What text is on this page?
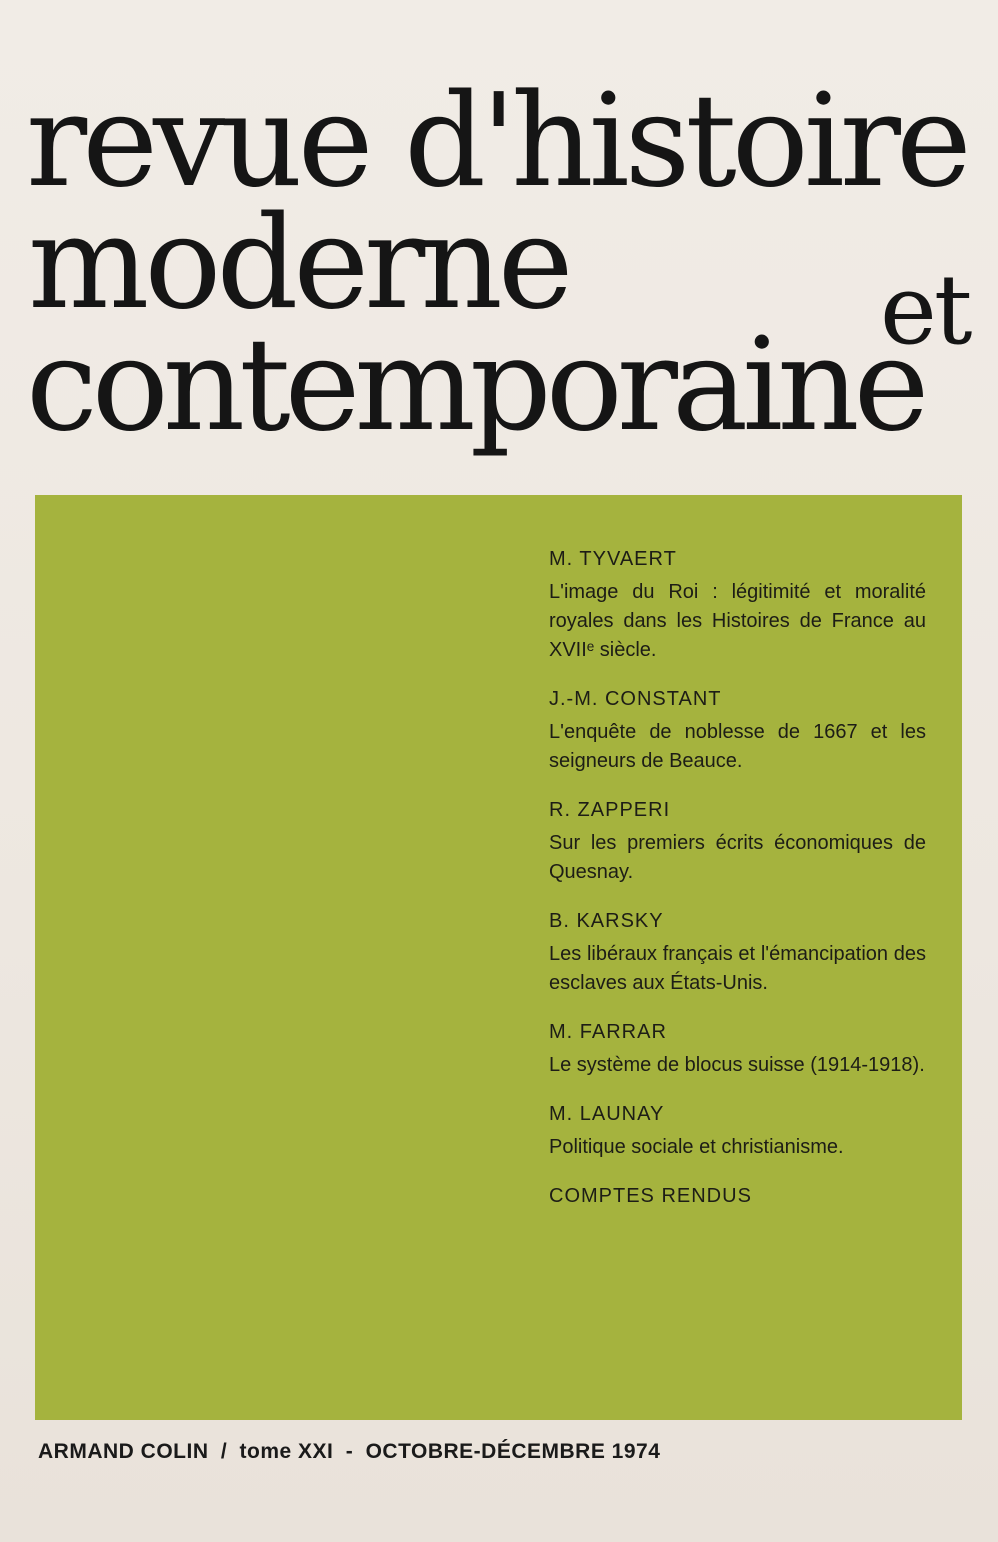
revue d'histoire
moderne	et
contemporaine
M. TYVAERT
L'image du Roi : légitimité et moralité royales dans les Histoires de France au XVIIᵉ siècle.
J.-M. CONSTANT
L'enquête de noblesse de 1667 et les seigneurs de Beauce.
R. ZAPPERI
Sur les premiers écrits économiques de Quesnay.
B. KARSKY
Les libéraux français et l'émancipation des esclaves aux États-Unis.
M. FARRAR
Le système de blocus suisse (1914-1918).
M. LAUNAY
Politique sociale et christianisme.
COMPTES RENDUS
ARMAND COLIN / tome XXI - OCTOBRE-DÉCEMBRE 1974
